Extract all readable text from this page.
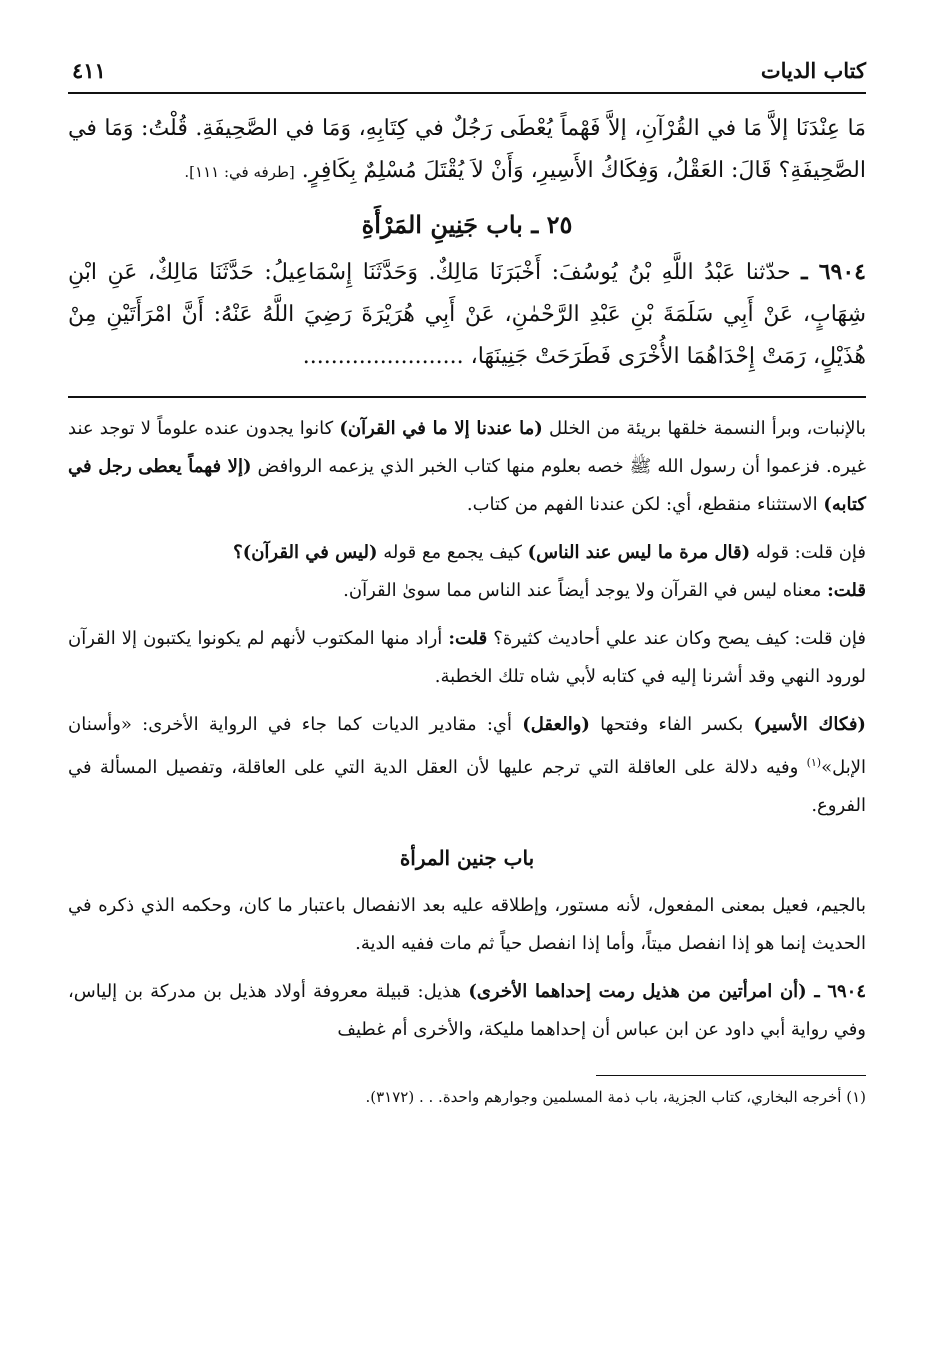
كتاب الديات
٤١١

مَا عِنْدَنَا إلاَّ مَا في القُرْآنِ، إلاَّ فَهْماً يُعْطَى رَجُلٌ في كِتَابِهِ، وَمَا في الصَّحِيفَةِ. قُلْتُ: وَمَا في الصَّحِيفَةِ؟ قَالَ: العَقْلُ، وَفِكَاكُ الأَسِيرِ، وَأَنْ لاَ يُقْتَلَ مُسْلِمٌ بِكَافِرٍ. [طرفه في: ١١١].

٢٥ ـ باب جَنِينِ المَرْأَةِ

٦٩٠٤ ـ حدّثنا عَبْدُ اللَّهِ بْنُ يُوسُفَ: أَخْبَرَنَا مَالِكٌ. وَحَدَّثَنَا إِسْمَاعِيلُ: حَدَّثَنَا مَالِكٌ، عَنِ ابْنِ شِهَابٍ، عَنْ أَبِي سَلَمَةَ بْنِ عَبْدِ الرَّحْمٰنِ، عَنْ أَبِي هُرَيْرَةَ رَضِيَ اللَّهُ عَنْهُ: أَنَّ امْرَأَتَيْنِ مِنْ هُذَيْلٍ، رَمَتْ إِحْدَاهُمَا الأُخْرَى فَطَرَحَتْ جَنِينَهَا، .......................

بالإنبات، وبرأ النسمة خلقها بريئة من الخلل (ما عندنا إلا ما في القرآن) كانوا يجدون عنده علوماً لا توجد عند غيره. فزعموا أن رسول الله ﷺ خصه بعلوم منها كتاب الخبر الذي يزعمه الروافض (إلا فهماً يعطى رجل في كتابه) الاستثناء منقطع، أي: لكن عندنا الفهم من كتاب.

فإن قلت: قوله (قال مرة ما ليس عند الناس) كيف يجمع مع قوله (ليس في القرآن)؟
قلت: معناه ليس في القرآن ولا يوجد أيضاً عند الناس مما سوىٰ القرآن.

فإن قلت: كيف يصح وكان عند علي أحاديث كثيرة؟ قلت: أراد منها المكتوب لأنهم لم يكونوا يكتبون إلا القرآن لورود النهي وقد أشرنا إليه في كتابه لأبي شاه تلك الخطبة.

(فكاك الأسير) بكسر الفاء وفتحها (والعقل) أي: مقادير الديات كما جاء في الرواية الأخرى: «وأسنان الإبل»$^{(١)}$ وفيه دلالة على العاقلة التي ترجم عليها لأن العقل الدية التي على العاقلة، وتفصيل المسألة في الفروع.

باب جنين المرأة

بالجيم، فعيل بمعنى المفعول، لأنه مستور، وإطلاقه عليه بعد الانفصال باعتبار ما كان، وحكمه الذي ذكره في الحديث إنما هو إذا انفصل ميتاً، وأما إذا انفصل حياً ثم مات ففيه الدية.

٦٩٠٤ ـ (أن امرأتين من هذيل رمت إحداهما الأخرى) هذيل: قبيلة معروفة أولاد هذيل بن مدركة بن إلياس، وفي رواية أبي داود عن ابن عباس أن إحداهما مليكة، والأخرى أم غطيف

(١) أخرجه البخاري، كتاب الجزية، باب ذمة المسلمين وجوارهم واحدة. . . (٣١٧٢).
